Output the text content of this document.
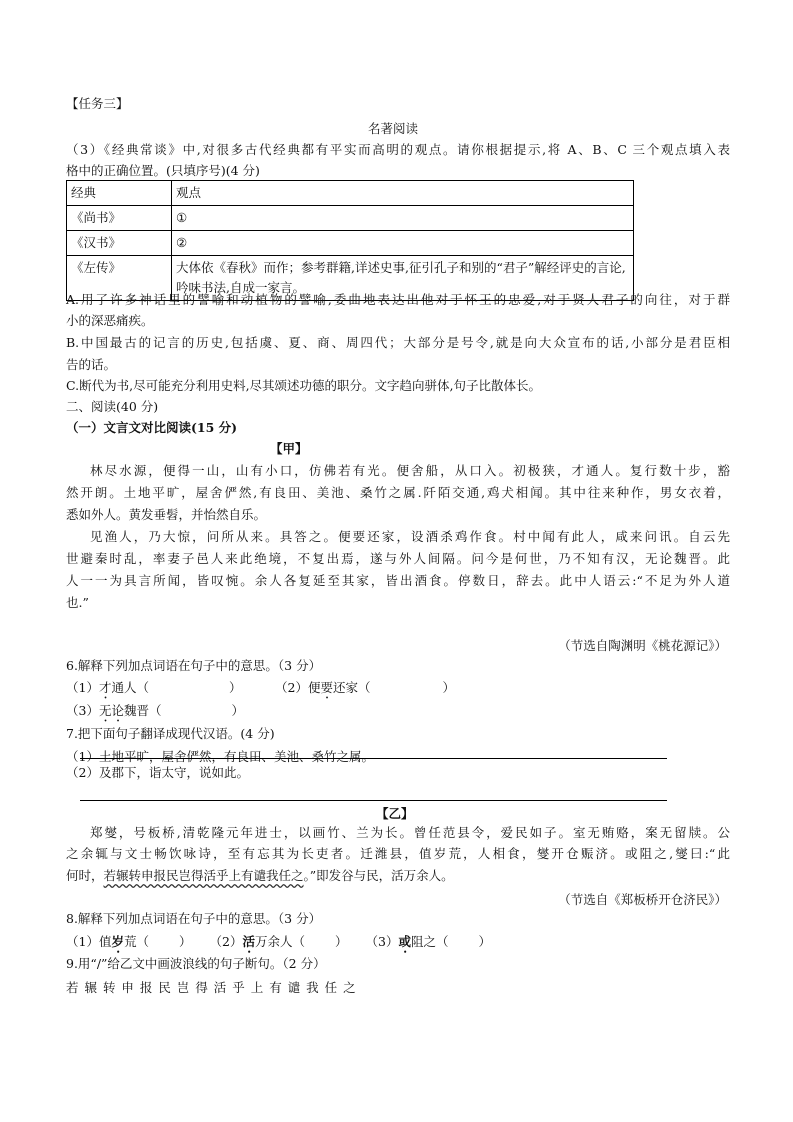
【任务三】
名著阅读
（3）《经典常谈》中,对很多古代经典都有平实而高明的观点。请你根据提示,将 A、B、C 三个观点填入表
格中的正确位置。(只填序号)(4 分)
经典	观点
《尚书》	①
《汉书》	②
《左传》	大体依《春秋》而作；参考群籍,详述史事,征引孔子和别的“君子”解经评史的言论,吟味书法,自成一家言。
A.用了许多神话里的譬喻和动植物的譬喻,委曲地表达出他对于怀王的忠爱,对于贤人君子的向往，对于群
小的深恶痛疾。
B.中国最古的记言的历史,包括虞、夏、商、周四代；大部分是号令,就是向大众宣布的话,小部分是君臣相
告的话。
C.断代为书,尽可能充分利用史料,尽其颂述功德的职分。文字趋向骈体,句子比散体长。
二、阅读(40 分)
（一）文言文对比阅读(15 分)
【甲】
林尽水源，便得一山，山有小口，仿佛若有光。便舍船，从口入。初极狭，才通人。复行数十步，豁
然开朗。土地平旷，屋舍俨然,有良田、美池、桑竹之属.阡陌交通,鸡犬相闻。其中往来种作，男女衣着，
悉如外人。黄发垂髫，并怡然自乐。
见渔人，乃大惊，问所从来。具答之。便要还家，设酒杀鸡作食。村中闻有此人，咸来问讯。自云先
世避秦时乱，率妻子邑人来此绝境，不复出焉，遂与外人间隔。问今是何世，乃不知有汉，无论魏晋。此
人一一为具言所闻，皆叹惋。余人各复延至其家，皆出酒食。停数日，辞去。此中人语云:“不足为外人道
也.”
（节选自陶渊明《桃花源记》）
6.解释下列加点词语在句子中的意思。（3 分）
（1）才通人（	）	（2）便要还家（	）
（3）无论魏晋（	）
7.把下面句子翻译成现代汉语。(4 分)
（1）土地平旷，屋舍俨然，有良田、美池、桑竹之属。
（2）及郡下，诣太守，说如此。
【乙】
郑燮，号板桥,清乾隆元年进士，以画竹、兰为长。曾任范县令，爱民如子。室无贿赂，案无留牍。公
之余辄与文士畅饮咏诗，至有忘其为长吏者。迁潍县，值岁荒，人相食，燮开仓赈济。或阻之,燮曰:“此
何时，若辗转申报民岂得活乎上有谴我任之。”即发谷与民，活万余人。
（节选自《郑板桥开仓济民》）
8.解释下列加点词语在句子中的意思。（3 分）
（1）值岁荒（ ） （2）活万余人（ ） （3）或阻之（ ）
9.用“/”给乙文中画波浪线的句子断句。（2 分）
若 辗 转 申 报 民 岂 得 活 乎 上 有 谴 我 任 之
